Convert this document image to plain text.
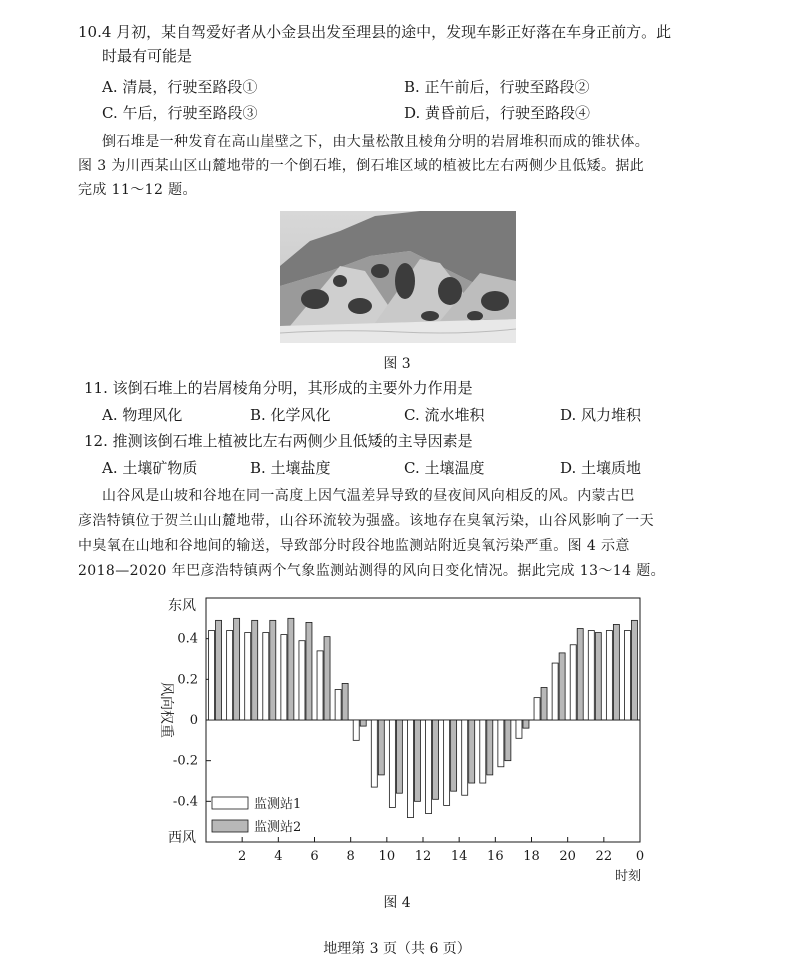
10.4 月初，某自驾爱好者从小金县出发至理县的途中，发现车影正好落在车身正前方。此
时最有可能是
A. 清晨，行驶至路段①	B. 正午前后，行驶至路段②
C. 午后，行驶至路段③	D. 黄昏前后，行驶至路段④
倒石堆是一种发育在高山崖壁之下，由大量松散且棱角分明的岩屑堆积而成的锥状体。
图 3 为川西某山区山麓地带的一个倒石堆，倒石堆区域的植被比左右两侧少且低矮。据此
完成 11～12 题。
图 3
11. 该倒石堆上的岩屑棱角分明，其形成的主要外力作用是
A. 物理风化	B. 化学风化	C. 流水堆积	D. 风力堆积
12. 推测该倒石堆上植被比左右两侧少且低矮的主导因素是
A. 土壤矿物质	B. 土壤盐度	C. 土壤温度	D. 土壤质地
山谷风是山坡和谷地在同一高度上因气温差异导致的昼夜间风向相反的风。内蒙古巴
彦浩特镇位于贺兰山山麓地带，山谷环流较为强盛。该地存在臭氧污染，山谷风影响了一天
中臭氧在山地和谷地间的输送，导致部分时段谷地监测站附近臭氧污染严重。图 4 示意
2018—2020 年巴彦浩特镇两个气象监测站测得的风向日变化情况。据此完成 13～14 题。
风向权重
东风
西风
时刻
0.4
0.2
0
-0.2
-0.4
2 4 6 8 10 12 14 16 18 20 22 0
监测站1
监测站2
图 4
地理第 3 页（共 6 页）
